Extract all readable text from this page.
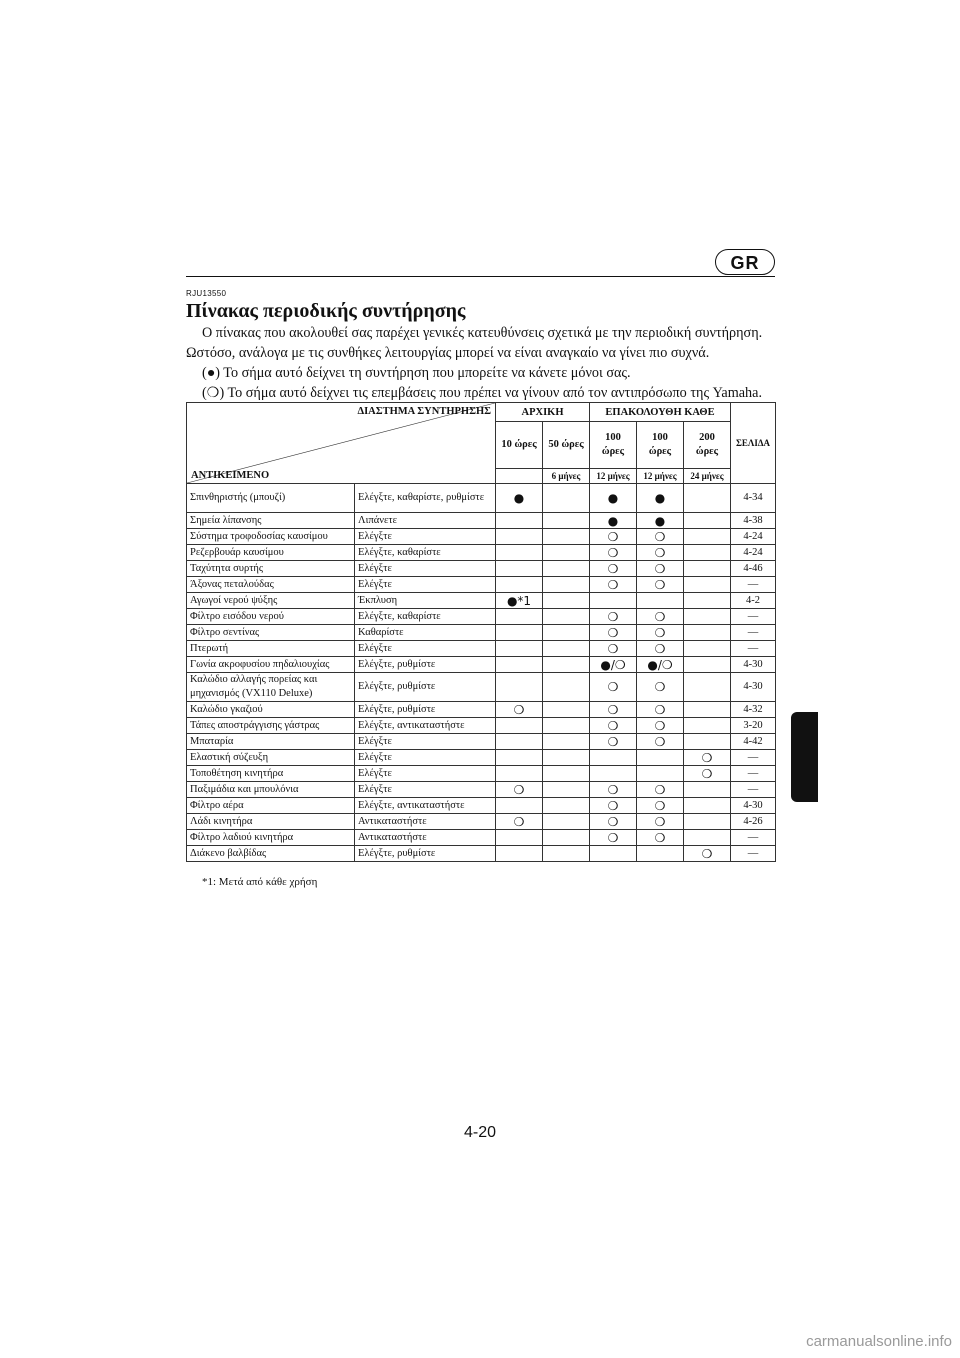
GR
RJU13550
Πίνακας περιοδικής συντήρησης

Ο πίνακας που ακολουθεί σας παρέχει γενικές κατευθύνσεις σχετικά με την περιοδική συντήρηση. Ωστόσο, ανάλογα με τις συνθήκες λειτουργίας μπορεί να είναι αναγκαίο να γίνει πιο συχνά.

(●) Το σήμα αυτό δείχνει τη συντήρηση που μπορείτε να κάνετε μόνοι σας.
(❍) Το σήμα αυτό δείχνει τις επεμβάσεις που πρέπει να γίνουν από τον αντιπρόσωπο της Yamaha.
ΔΙΑΣΤΗΜΑ ΣΥΝΤΗΡΗΣΗΣ
ΑΝΤΙΚΕΙΜΕΝΟ		ΑΡΧΙΚΗ		ΕΠΑΚΟΛΟΥΘΗ ΚΑΘΕ			ΣΕΛΙΔΑ
		10 ώρες	50 ώρες	100 ώρες	100 ώρες	200 ώρες	
			6 μήνες	12 μήνες	12 μήνες	24 μήνες	
Σπινθηριστής (μπουζί)	Ελέγξτε, καθαρίστε, ρυθμίστε	●		●	●		4-34
Σημεία λίπανσης	Λιπάνετε			●	●		4-38
Σύστημα τροφοδοσίας καυσίμου	Ελέγξτε			❍	❍		4-24
Ρεζερβουάρ καυσίμου	Ελέγξτε, καθαρίστε			❍	❍		4-24
Ταχύτητα συρτής	Ελέγξτε			❍	❍		4-46
Άξονας πεταλούδας	Ελέγξτε			❍	❍		—
Αγωγοί νερού ψύξης	Έκπλυση	●*1					4-2
Φίλτρο εισόδου νερού	Ελέγξτε, καθαρίστε			❍	❍		—
Φίλτρο σεντίνας	Καθαρίστε			❍	❍		—
Πτερωτή	Ελέγξτε			❍	❍		—
Γωνία ακροφυσίου πηδαλιουχίας	Ελέγξτε, ρυθμίστε			●/❍	●/❍		4-30
Καλώδιο αλλαγής πορείας και μηχανισμός (VX110 Deluxe)	Ελέγξτε, ρυθμίστε			❍	❍		4-30
Καλώδιο γκαζιού	Ελέγξτε, ρυθμίστε	❍		❍	❍		4-32
Τάπες αποστράγγισης γάστρας	Ελέγξτε, αντικαταστήστε			❍	❍		3-20
Μπαταρία	Ελέγξτε			❍	❍		4-42
Ελαστική σύζευξη	Ελέγξτε					❍	—
Τοποθέτηση κινητήρα	Ελέγξτε					❍	—
Παξιμάδια και μπουλόνια	Ελέγξτε	❍		❍	❍		—
Φίλτρο αέρα	Ελέγξτε, αντικαταστήστε			❍	❍		4-30
Λάδι κινητήρα	Αντικαταστήστε	❍		❍	❍		4-26
Φίλτρο λαδιού κινητήρα	Αντικαταστήστε			❍	❍		—
Διάκενο βαλβίδας	Ελέγξτε, ρυθμίστε					❍	—
*1: Μετά από κάθε χρήση
4-20
carmanualsonline.info
